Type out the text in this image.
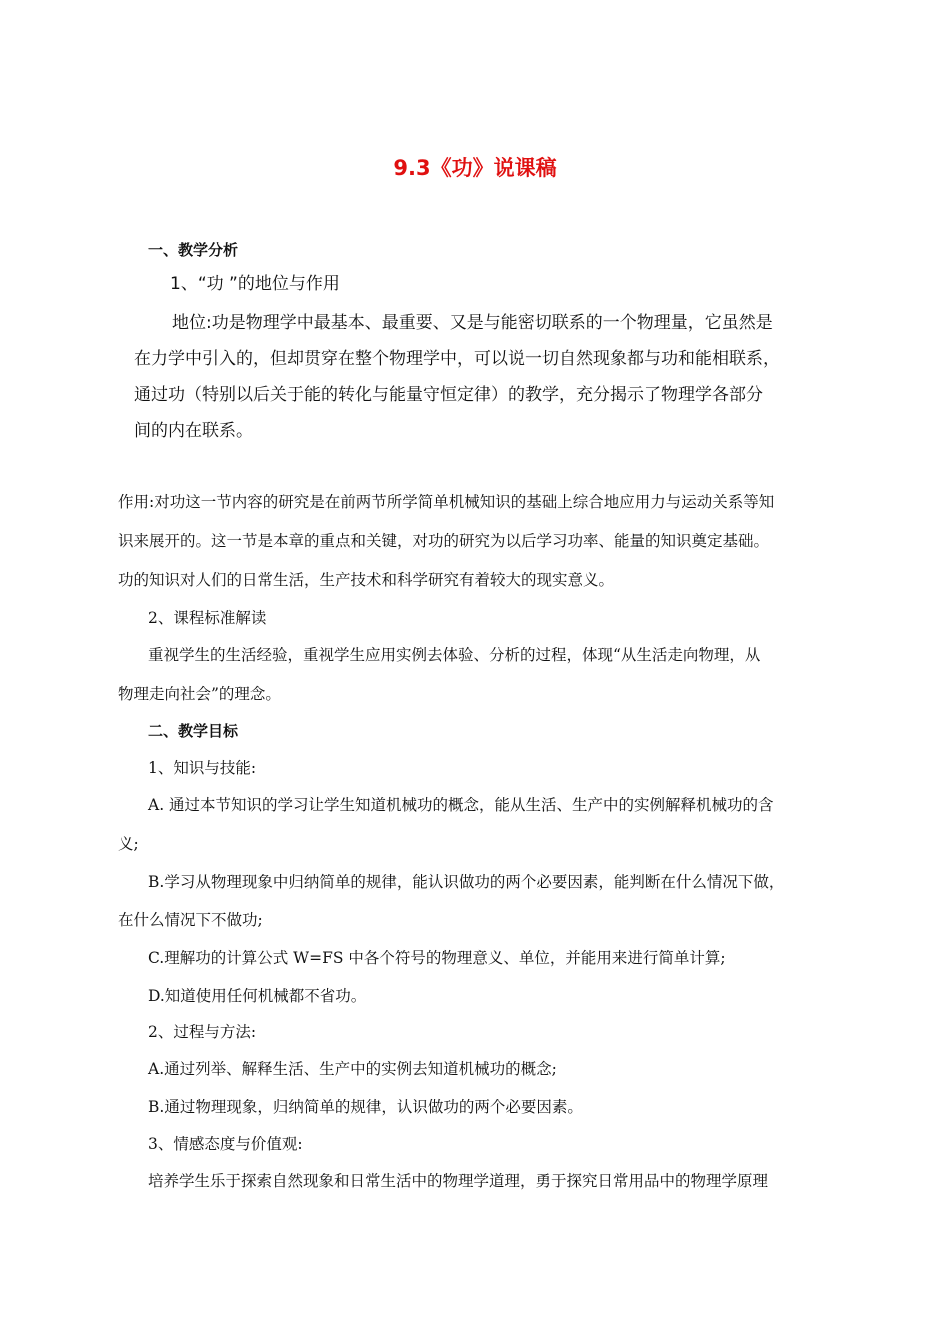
9.3《功》说课稿
一、教学分析
1、“功 ”的地位与作用
地位:功是物理学中最基本、最重要、又是与能密切联系的一个物理量，它虽然是
在力学中引入的，但却贯穿在整个物理学中，可以说一切自然现象都与功和能相联系，
通过功（特别以后关于能的转化与能量守恒定律）的教学，充分揭示了物理学各部分
间的内在联系。
作用:对功这一节内容的研究是在前两节所学简单机械知识的基础上综合地应用力与运动关系等知
识来展开的。这一节是本章的重点和关键，对功的研究为以后学习功率、能量的知识奠定基础。
功的知识对人们的日常生活，生产技术和科学研究有着较大的现实意义。
2、课程标准解读
重视学生的生活经验，重视学生应用实例去体验、分析的过程，体现“从生活走向物理，从
物理走向社会”的理念。
二、教学目标
1、知识与技能:
A. 通过本节知识的学习让学生知道机械功的概念，能从生活、生产中的实例解释机械功的含
义;
B.学习从物理现象中归纳简单的规律，能认识做功的两个必要因素，能判断在什么情况下做，
在什么情况下不做功;
C.理解功的计算公式 W=FS 中各个符号的物理意义、单位，并能用来进行简单计算;
D.知道使用任何机械都不省功。
2、过程与方法:
A.通过列举、解释生活、生产中的实例去知道机械功的概念;
B.通过物理现象，归纳简单的规律，认识做功的两个必要因素。
3、情感态度与价值观:
培养学生乐于探索自然现象和日常生活中的物理学道理，勇于探究日常用品中的物理学原理
